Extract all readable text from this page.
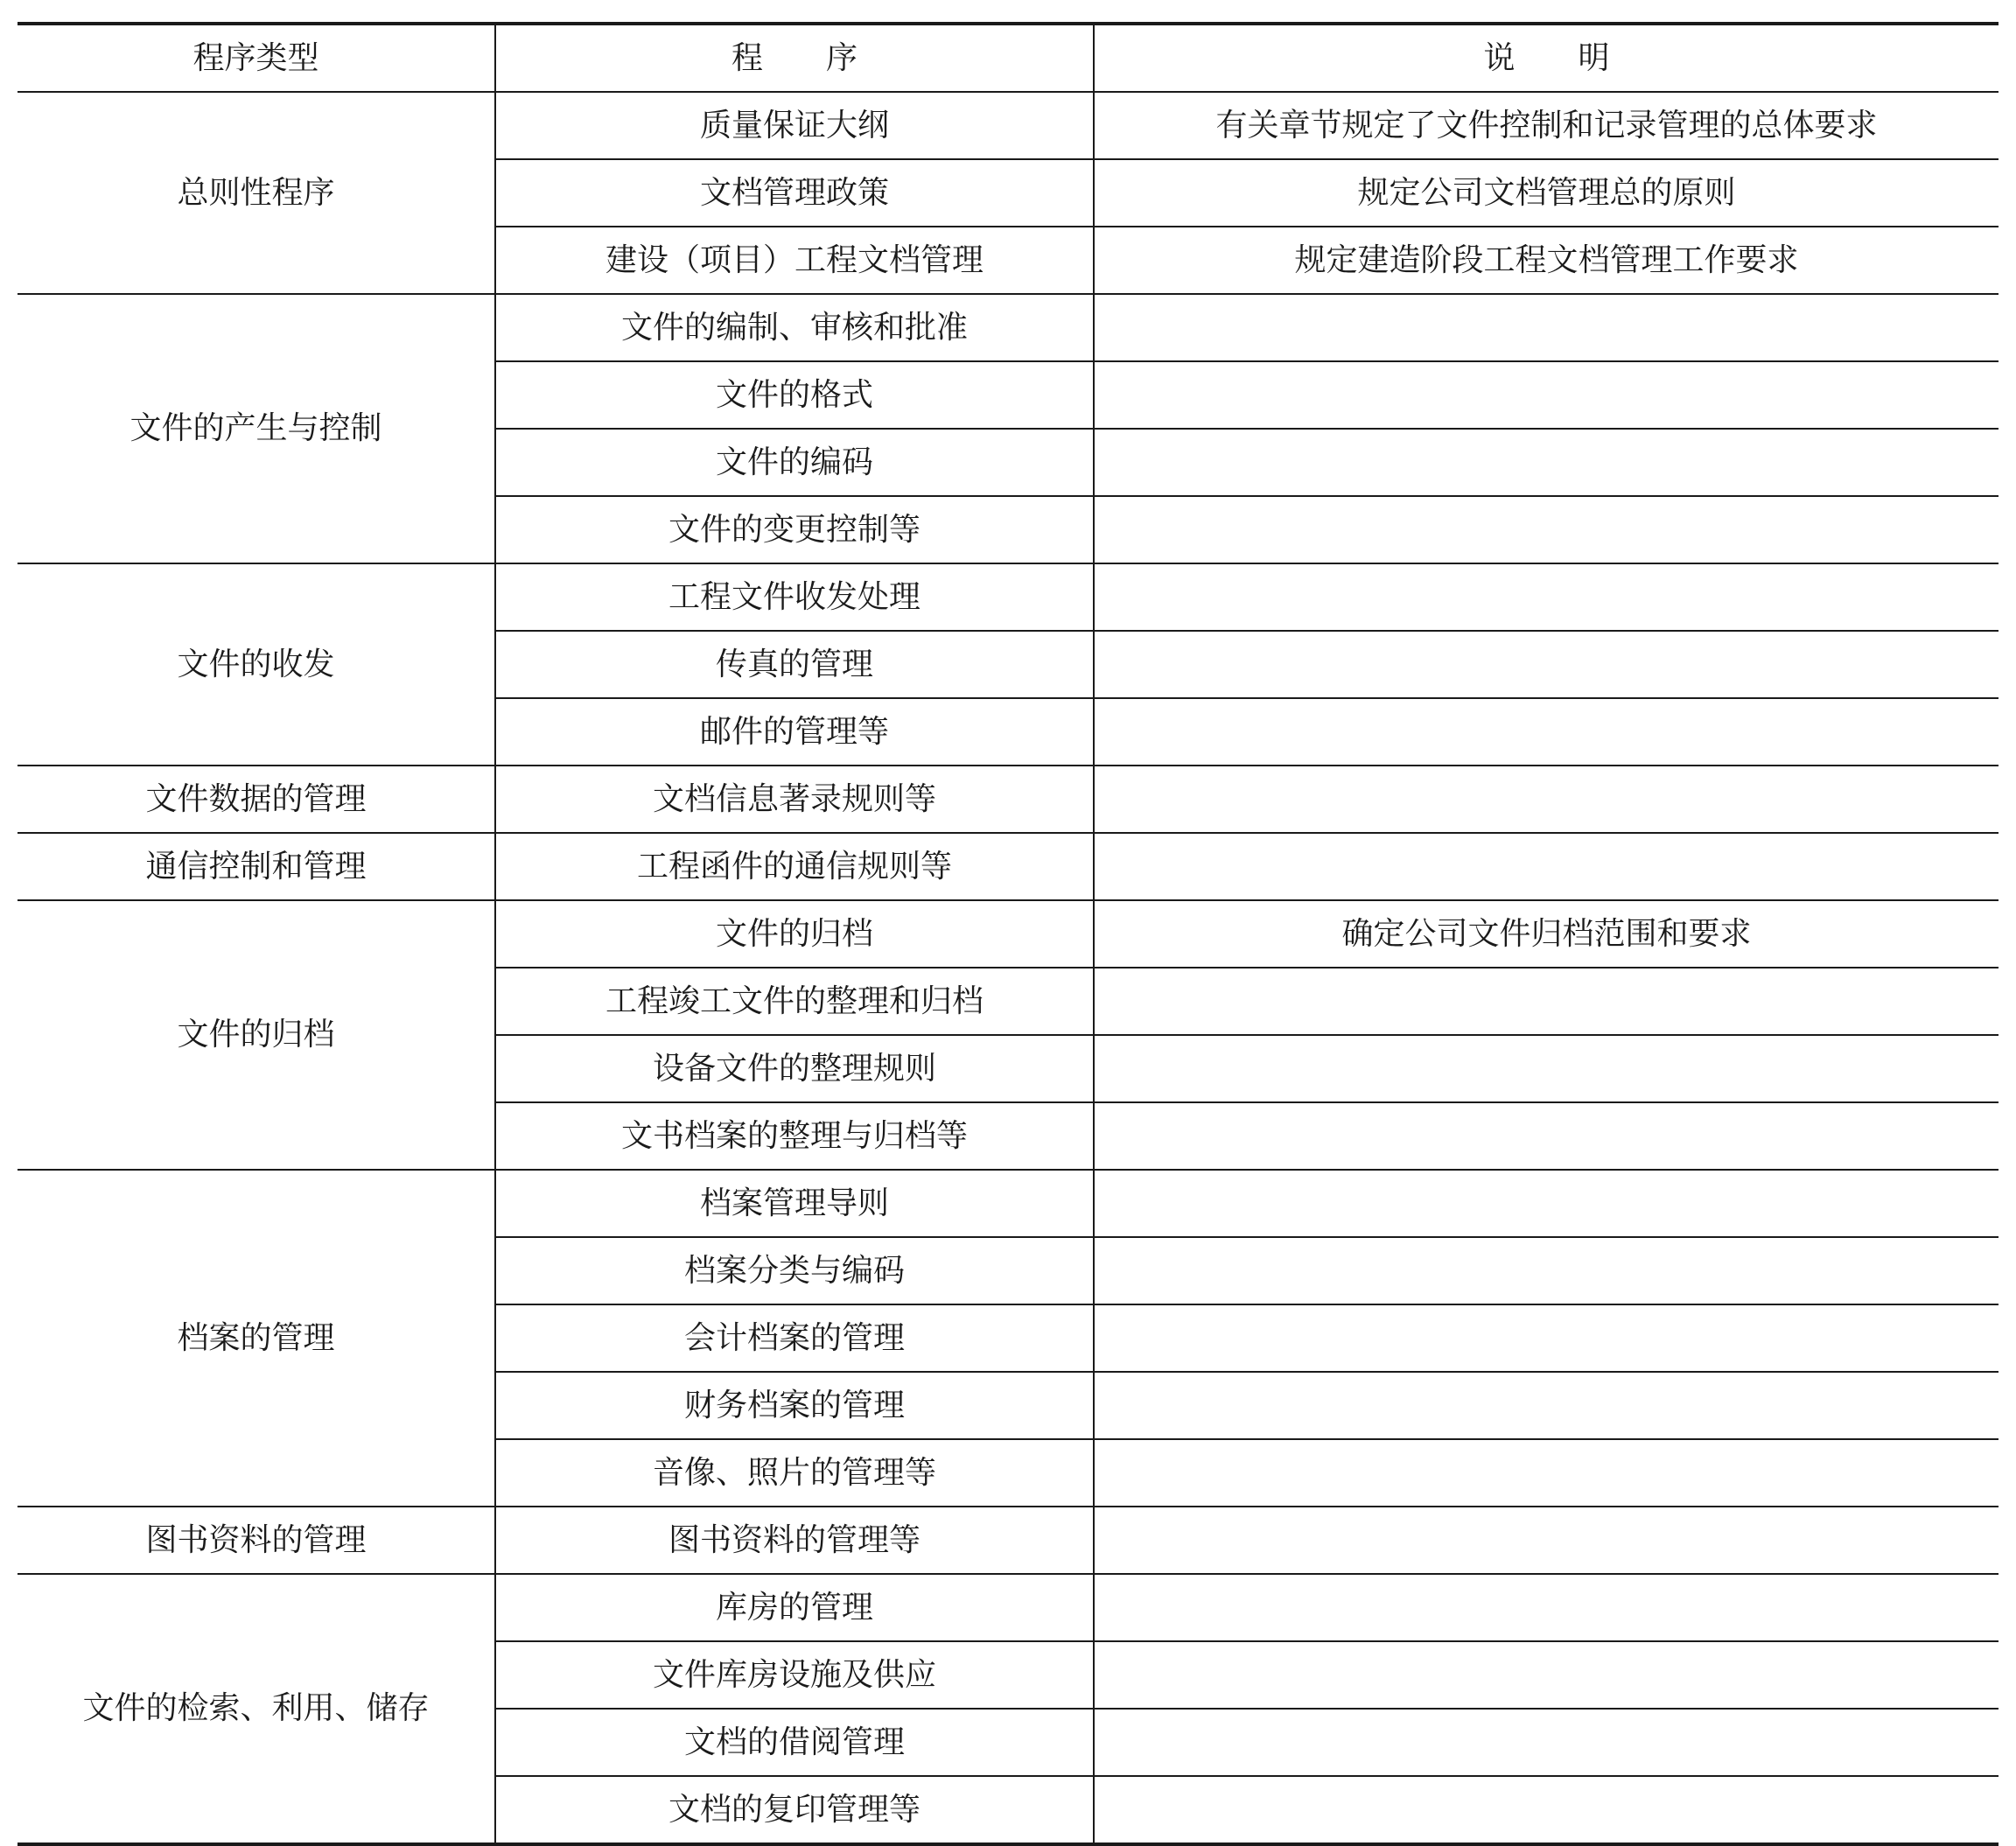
程序类型	程　　序	说　　明
总则性程序	质量保证大纲	有关章节规定了文件控制和记录管理的总体要求
	文档管理政策	规定公司文档管理总的原则
	建设（项目）工程文档管理	规定建造阶段工程文档管理工作要求
文件的产生与控制	文件的编制、审核和批准	
	文件的格式	
	文件的编码	
	文件的变更控制等	
文件的收发	工程文件收发处理	
	传真的管理	
	邮件的管理等	
文件数据的管理	文档信息著录规则等	
通信控制和管理	工程函件的通信规则等	
文件的归档	文件的归档	确定公司文件归档范围和要求
	工程竣工文件的整理和归档	
	设备文件的整理规则	
	文书档案的整理与归档等	
档案的管理	档案管理导则	
	档案分类与编码	
	会计档案的管理	
	财务档案的管理	
	音像、照片的管理等	
图书资料的管理	图书资料的管理等	
文件的检索、利用、储存	库房的管理	
	文件库房设施及供应	
	文档的借阅管理	
	文档的复印管理等	
